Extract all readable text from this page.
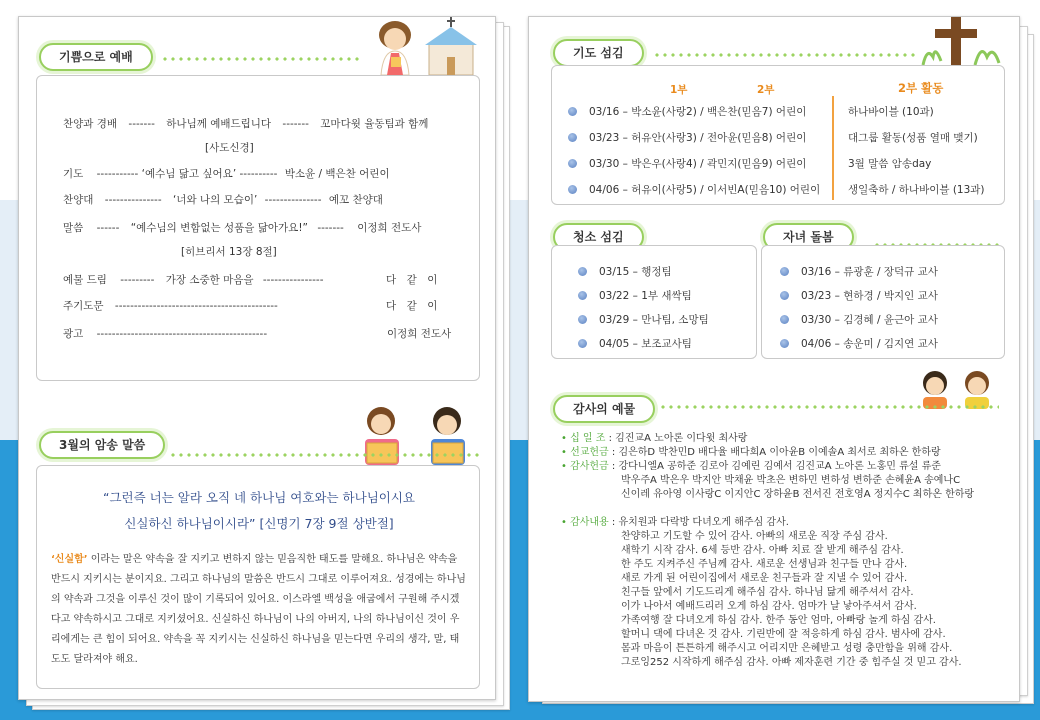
기쁨으로 예배
찬양과 경배 ------- 하나님께 예배드립니다 ------- 꼬마다윗 율동팀과 함께
[사도신경]
기도 ----------- ‘예수님 닮고 싶어요’ ---------- 박소윤 / 백은찬 어린이
찬양대 --------------- ‘너와 나의 모습이’ --------------- 예꼬 찬양대
말씀 ------ “예수님의 변함없는 성품을 닮아가요!” ------- 이정희 전도사
[히브리서 13장 8절]
예물 드림 --------- 가장 소중한 마음을 ----------------	다　같　이
주기도문 -------------------------------------------	다　같　이
광고 ---------------------------------------------	이정희 전도사
3월의 암송 말씀
“그런즉 너는 알라 오직 네 하나님 여호와는 하나님이시요
신실하신 하나님이시라” [신명기 7장 9절 상반절]
‘신실함’ 이라는 말은 약속을 잘 지키고 변하지 않는 믿음직한 태도를 말해요. 하나님은 약속을 반드시 지키시는 분이지요. 그리고 하나님의 말씀은 반드시 그대로 이루어져요. 성경에는 하나님의 약속과 그것을 이루신 것이 많이 기록되어 있어요. 이스라엘 백성을 애굽에서 구원해 주시겠다고 약속하시고 그대로 지키셨어요. 신실하신 하나님이 나의 아버지, 나의 하나님이신 것이 우리에게는 큰 힘이 되어요. 약속을 꼭 지키시는 신실하신 하나님을 믿는다면 우리의 생각, 말, 태도도 달라져야 해요.
기도 섬김
1부	2부	2부 활동
03/16 – 박소윤(사랑2) / 백은찬(믿음7) 어린이	하나바이블 (10과)
03/23 – 허유안(사랑3) / 전아윤(믿음8) 어린이	대그룹 활동(성품 열매 맺기)
03/30 – 박은우(사랑4) / 곽민지(믿음9) 어린이	3월 말씀 암송day
04/06 – 허유이(사랑5) / 이서빈A(믿음10) 어린이	생일축하 / 하나바이블 (13과)
청소 섬김	자녀 돌봄
03/15 – 행정팀
03/22 – 1부 새싹팀
03/29 – 만나팀, 소망팀
04/05 – 보조교사팀
03/16 – 류광훈 / 장덕규 교사
03/23 – 현하경 / 박지인 교사
03/30 – 김경혜 / 윤근아 교사
04/06 – 송운미 / 김지연 교사
감사의 예물
• 십 일 조 : 김진교A 노아론 이다윗 최사랑
• 선교헌금 : 김은하D 박찬민D 배다율 배다희A 이아윤B 이예솔A 최서로 최하온 한하랑
• 감사헌금 : 강다니엘A 공하준 김로아 김예린 김예서 김진교A 노아론 노홍민 류설 류준
박우주A 박은우 박지안 박채윤 박초은 변하민 변하성 변하준 손혜윤A 송예나C
신이레 유아영 이사랑C 이지안C 장하윤B 전서진 전호영A 정지수C 최하온 한하랑
• 감사내용 : 유치원과 다락방 다녀오게 해주심 감사.
찬양하고 기도할 수 있어 감사. 아빠의 새로운 직장 주심 감사.
새학기 시작 감사. 6세 등반 감사. 아빠 치료 잘 받게 해주심 감사.
한 주도 지켜주신 주님께 감사. 새로운 선생님과 친구들 만나 감사.
새로 가게 된 어린이집에서 새로운 친구들과 잘 지낼 수 있어 감사.
친구들 앞에서 기도드리게 해주심 감사. 하나님 닮게 해주셔서 감사.
이가 나아서 예배드리러 오게 하심 감사. 엄마가 날 낳아주셔서 감사.
가족여행 잘 다녀오게 하심 감사. 한주 동안 엄마, 아빠랑 놀게 하심 감사.
할머니 댁에 다녀온 것 감사. 기린반에 잘 적응하게 하심 감사. 범사에 감사.
몸과 마음이 튼튼하게 해주시고 어리지만 은혜받고 성령 충만함을 위해 감사.
그로잉252 시작하게 해주심 감사. 아빠 제자훈련 기간 중 힘주실 것 믿고 감사.
